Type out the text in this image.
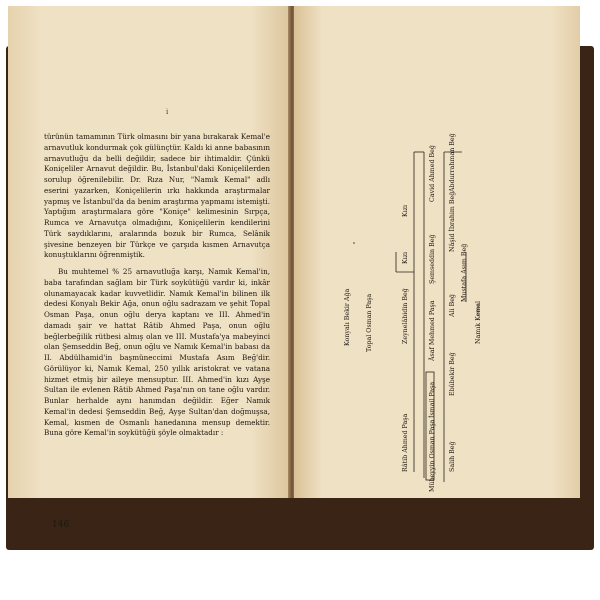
i

türünün tamamının Türk olmasını bir yana bırakarak Kemal'e arnavutluk kondurmak çok gülünçtür. Kaldı ki anne babasının arnavutluğu da belli değildir, sadece bir ihtimaldir. Çünkü Koniçeliler Arnavut değildir. Bu, İstanbul'daki Koniçelilerden sorulup öğrenilebilir. Dr. Rıza Nur, "Namık Kemal" adlı eserini yazarken, Koniçelilerin ırkı hakkında araştırmalar yapmış ve İstanbul'da da benim araştırma yapmamı istemişti. Yaptığım araştırmalara göre "Koniçe" kelimesinin Sırpça, Rumca ve Arnavutça olmadığını, Koniçelilerin kendilerini Türk saydıklarını, aralarında bozuk bir Rumca, Selânik şivesine benzeyen bir Türkçe ve çarşıda kısmen Arnavutça konuştuklarını öğrenmiştik.

Bu muhtemel % 25 arnavutluğa karşı, Namık Kemal'in, baba tarafından sağlam bir Türk soykütüğü vardır ki, inkâr olunamayacak kadar kuvvetlidir. Namık Kemal'in bilinen ilk dedesi Konyalı Bekir Ağa, onun oğlu sadrazam ve şehit Topal Osman Paşa, onun oğlu derya kaptanı ve III. Ahmed'in damadı şair ve hattat Râtib Ahmed Paşa, onun oğlu beğlerbeğilik rütbesi almış olan ve III. Mustafa'ya mabeyinci olan Şemseddin Beğ, onun oğlu ve Namık Kemal'in babası da II. Abdülhamid'in başmüneccimi Mustafa Asım Beğ'dir. Görülüyor ki, Namık Kemal, 250 yıllık aristokrat ve vatana hizmet etmiş bir aileye mensuptur. III. Ahmed'in kızı Ayşe Sultan ile evlenen Râtib Ahmed Paşa'nın on tane oğlu vardır. Bunlar herhalde aynı hanımdan değildir. Eğer Namık Kemal'in dedesi Şemseddin Beğ, Ayşe Sultan'dan doğmuşsa, Kemal, kısmen de Osmanlı hanedanına mensup demektir. Buna göre Kemal'in soykütüğü şöyle olmaktadır :

146
Konyalı Bekir Ağa Topal Osman Paşa
Râtib Ahmed Paşa
Zeynelâbidin Beğ
Kızı
Kızı
Mübeyyin Osman Paşa
İsmail Paşa
Âsaf Mehmed Paşa
Şemseddin Beğ
Cavid Ahmed Beğ
Salih Beğ
Ebûbekir Beğ
Ali Beğ
Nâşid İbrahim Beğ
Abdurrahman Beğ
Mustafa Asım Beğ
Namık Kemal
